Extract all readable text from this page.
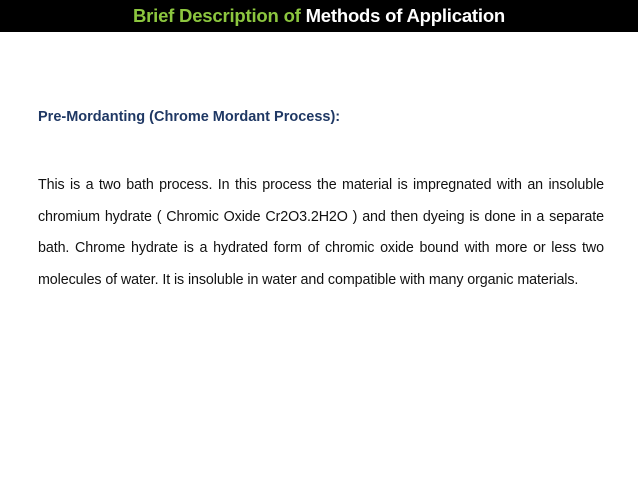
Brief Description of Methods of Application
Pre-Mordanting (Chrome Mordant Process):

This is a two bath process. In this process the material is impregnated with an insoluble chromium hydrate ( Chromic Oxide Cr2O3.2H2O ) and then dyeing is done in a separate bath. Chrome hydrate is a hydrated form of chromic oxide bound with more or less two molecules of water. It is insoluble in water and compatible with many organic materials.
